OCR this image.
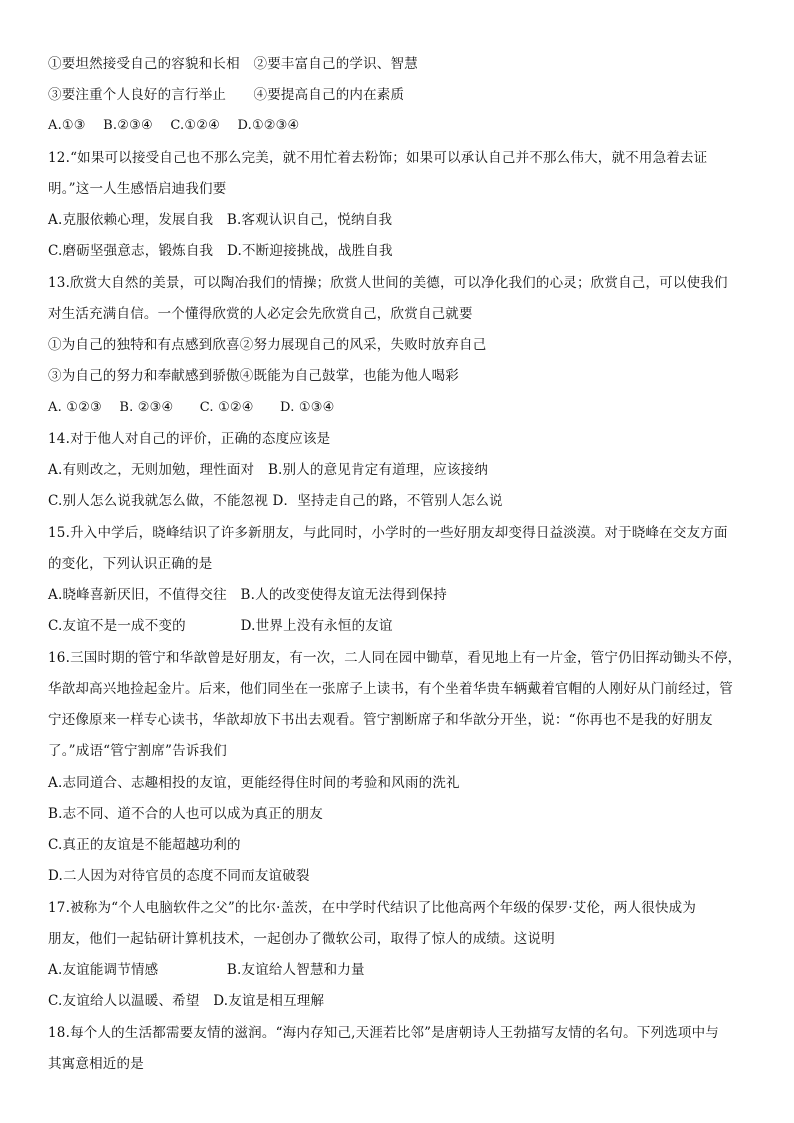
①要坦然接受自己的容貌和长相　②要丰富自己的学识、智慧
③要注重个人良好的言行举止　　④要提高自己的内在素质
A.①③　 B.②③④　 C.①②④　 D.①②③④
12.“如果可以接受自己也不那么完美，就不用忙着去粉饰；如果可以承认自己并不那么伟大，就不用急着去证
明。”这一人生感悟启迪我们要
A.克服依赖心理，发展自我　B.客观认识自己，悦纳自我
C.磨砺坚强意志，锻炼自我　D.不断迎接挑战，战胜自我
13.欣赏大自然的美景，可以陶冶我们的情操；欣赏人世间的美德，可以净化我们的心灵；欣赏自己，可以使我们
对生活充满自信。一个懂得欣赏的人必定会先欣赏自己，欣赏自己就要
①为自己的独特和有点感到欣喜②努力展现自己的风采，失败时放弃自己
③为自己的努力和奉献感到骄傲④既能为自己鼓掌，也能为他人喝彩
A. ①②③　 B. ②③④　　C. ①②④　　D. ①③④
14.对于他人对自己的评价，正确的态度应该是
A.有则改之，无则加勉，理性面对　B.别人的意见肯定有道理，应该接纳
C.别人怎么说我就怎么做，不能忽视 D．坚持走自己的路，不管别人怎么说
15.升入中学后，晓峰结识了许多新朋友，与此同时，小学时的一些好朋友却变得日益淡漠。对于晓峰在交友方面
的变化，下列认识正确的是
A.晓峰喜新厌旧，不值得交往　B.人的改变使得友谊无法得到保持
C.友谊不是一成不变的　　　　D.世界上没有永恒的友谊
16.三国时期的管宁和华歆曾是好朋友，有一次，二人同在园中锄草，看见地上有一片金，管宁仍旧挥动锄头不停，
华歆却高兴地捡起金片。后来，他们同坐在一张席子上读书，有个坐着华贵车辆戴着官帽的人刚好从门前经过，管
宁还像原来一样专心读书，华歆却放下书出去观看。管宁割断席子和华歆分开坐，说：“你再也不是我的好朋友
了。”成语“管宁割席”告诉我们
A.志同道合、志趣相投的友谊，更能经得住时间的考验和风雨的洗礼
B.志不同、道不合的人也可以成为真正的朋友
C.真正的友谊是不能超越功利的
D.二人因为对待官员的态度不同而友谊破裂
17.被称为“个人电脑软件之父”的比尔·盖茨，在中学时代结识了比他高两个年级的保罗·艾伦，两人很快成为
朋友，他们一起钻研计算机技术，一起创办了微软公司，取得了惊人的成绩。这说明
A.友谊能调节情感　　　　　B.友谊给人智慧和力量
C.友谊给人以温暖、希望　D.友谊是相互理解
18.每个人的生活都需要友情的滋润。“海内存知己,天涯若比邻”是唐朝诗人王勃描写友情的名句。下列选项中与
其寓意相近的是
